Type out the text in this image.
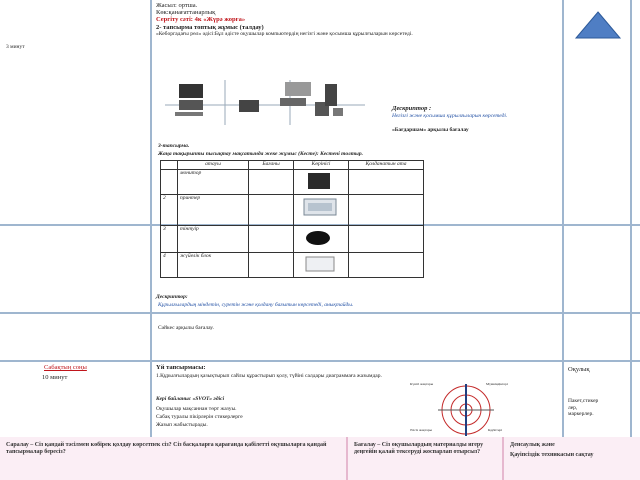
3 минут
Жасыл: ортша.
Көк:қанағаттанарлық
Сергіту сәті: 4к «Жүрә жорға»
2- тапсырма топтық жұмыс (талдау)
«Кеборгадағы рөл» әдісі:Бұл әдісте оқушылар компьютердің негізгі және қосымша құрылғыларын көрсетеді.
Дескриптор :
Негізгі және қосымша құрылғыларын көрсетеді.
«Бағдаршам» арқылы бағалау
3-тапсырма.
Жаңа тақырыпты пысықтау мақсатында жеке жұмыс (Кесте): Кестені толтыр.
	атауы	Бағаны	Көрінісі	Қолданатын ата
	монитор			
2	принтер			
3	тінтуір			
4	жүйелік блок			
Дескриптор:
Құрылғылардың міндетін, суретін және қолдану бағытын көрсетеді, анықтайды.
Сәйкес арқылы бағалау.
Сабақтың соңы
10 минут
Үй тапсырмасы:
1.Құрылғылардың қазықтырып сайлы құрастырып қолу, түйіні салдары диаграммаға жазымдар.
Кері байланыс «SVOT» әдісі
Оқушылар мақсаннан төрт жазуы.
Сабақ туралы пікірлерін стикерлерге
Жазып жабыстырады.
Күшті жақтары	Мүмкіндіктері
Әлсіз жақтары	Қауіптері
Оқулық
Пакет,стикер
лер,
маркерлер.
Саралау – Сіз қандай тәсілмен көбірек қолдау көрсетпек сіз? Сіз басқаларға қарағанда қабілетті оқушыларға қандай тапсырмалар бересіз?
Бағалау – Сіз оқушылардың материалды игеру деңгейін қалай тексеруді жоспарлап отырсыз?
Денсаулық және
Қауіпсіздік техникасын сақтау
